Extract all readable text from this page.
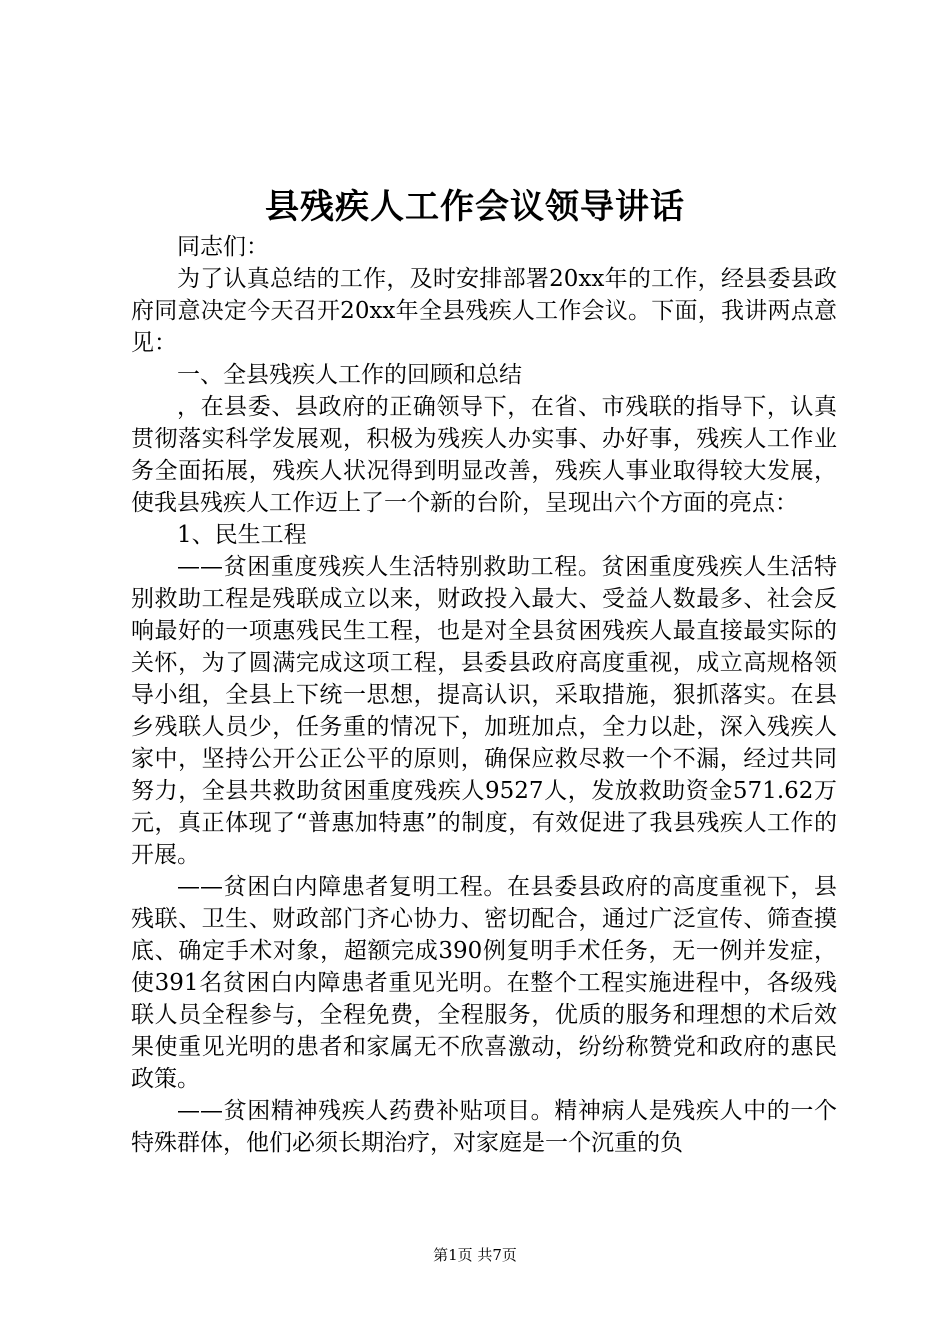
县残疾人工作会议领导讲话

同志们：

为了认真总结的工作，及时安排部署20xx年的工作，经县委县政府同意决定今天召开20xx年全县残疾人工作会议。下面，我讲两点意见：

一、全县残疾人工作的回顾和总结

，在县委、县政府的正确领导下，在省、市残联的指导下，认真贯彻落实科学发展观，积极为残疾人办实事、办好事，残疾人工作业务全面拓展，残疾人状况得到明显改善，残疾人事业取得较大发展，使我县残疾人工作迈上了一个新的台阶，呈现出六个方面的亮点：

1、民生工程

——贫困重度残疾人生活特别救助工程。贫困重度残疾人生活特别救助工程是残联成立以来，财政投入最大、受益人数最多、社会反响最好的一项惠残民生工程，也是对全县贫困残疾人最直接最实际的关怀，为了圆满完成这项工程，县委县政府高度重视，成立高规格领导小组，全县上下统一思想，提高认识，采取措施，狠抓落实。在县乡残联人员少，任务重的情况下，加班加点，全力以赴，深入残疾人家中，坚持公开公正公平的原则，确保应救尽救一个不漏，经过共同努力，全县共救助贫困重度残疾人9527人，发放救助资金571.62万元，真正体现了“普惠加特惠”的制度，有效促进了我县残疾人工作的开展。

——贫困白内障患者复明工程。在县委县政府的高度重视下，县残联、卫生、财政部门齐心协力、密切配合，通过广泛宣传、筛查摸底、确定手术对象，超额完成390例复明手术任务，无一例并发症，使391名贫困白内障患者重见光明。在整个工程实施进程中，各级残联人员全程参与，全程免费，全程服务，优质的服务和理想的术后效果使重见光明的患者和家属无不欣喜激动，纷纷称赞党和政府的惠民政策。

——贫困精神残疾人药费补贴项目。精神病人是残疾人中的一个特殊群体，他们必须长期治疗，对家庭是一个沉重的负

第1页 共7页
